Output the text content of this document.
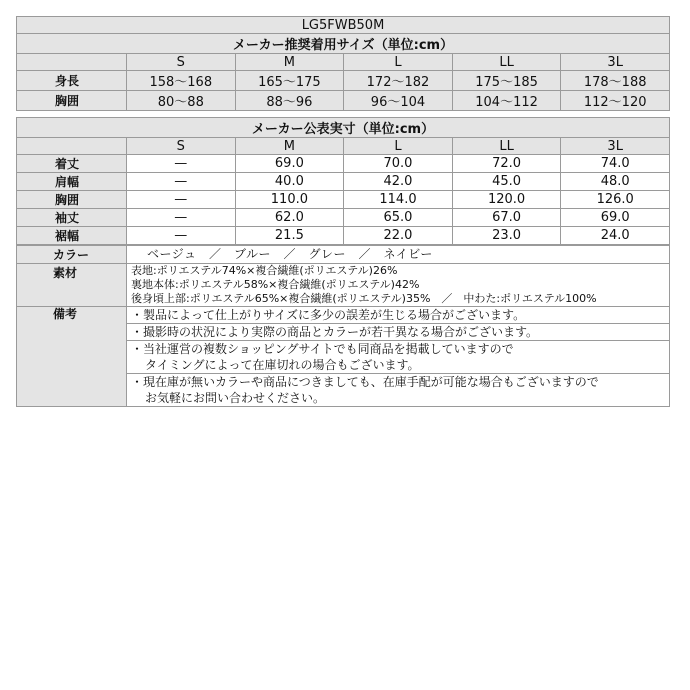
LG5FWB50M					
メーカー推奨着用サイズ（単位:cm）					
	S	M	L	LL	3L
身長	158〜168	165〜175	172〜182	175〜185	178〜188
胸囲	80〜88	88〜96	96〜104	104〜112	112〜120
メーカー公表実寸（単位:cm）					
	S	M	L	LL	3L
着丈	—	69.0	70.0	72.0	74.0
肩幅	—	40.0	42.0	45.0	48.0
胸囲	—	110.0	114.0	120.0	126.0
袖丈	—	62.0	65.0	67.0	69.0
裾幅	—	21.5	22.0	23.0	24.0
カラー	ベージュ　／　ブルー　／　グレー　／　ネイビー

素材	表地:ポリエステル74%×複合繊維(ポリエステル)26%
裏地本体:ポリエステル58%×複合繊維(ポリエステル)42%
後身頃上部:ポリエステル65%×複合繊維(ポリエステル)35%　／　中わた:ポリエステル100%

備考	・製品によって仕上がりサイズに多少の誤差が生じる場合がございます。

	・撮影時の状況により実際の商品とカラーが若干異なる場合がございます。

	・当社運営の複数ショッピングサイトでも同商品を掲載していますので
タイミングによって在庫切れの場合もございます。

	・現在庫が無いカラーや商品につきましても、在庫手配が可能な場合もございますので
お気軽にお問い合わせください。
